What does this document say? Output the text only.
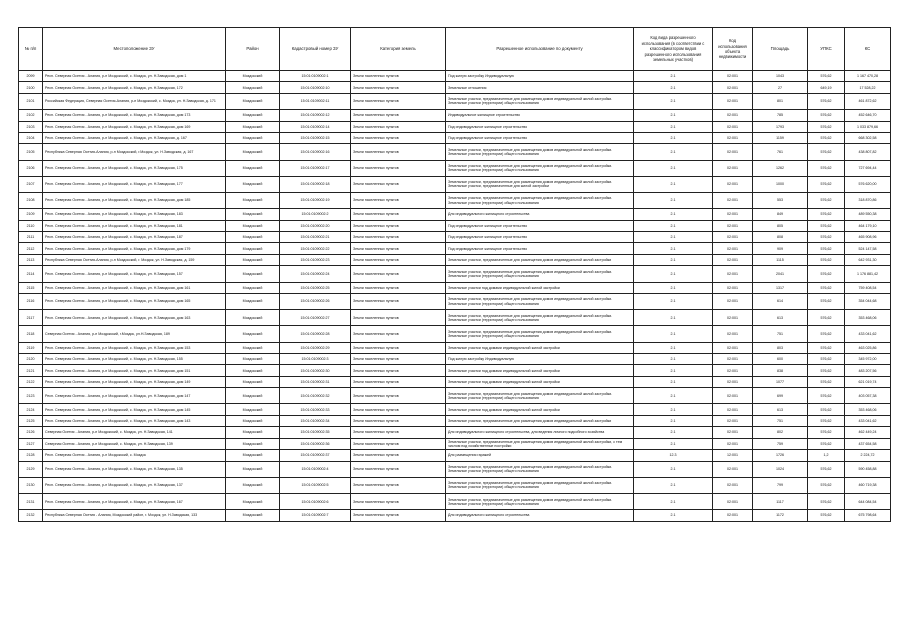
№ п/п	Местоположение ЗУ	Район	Кадастровый номер ЗУ	Категория земель	Разрешенное использование по документу	Код вида разрешенного использования (в соответствии с классификатором видов разрешенного использования земельных участков)	Код использования объекта недвижимости	Площадь	УПКС	КС
2099	Респ. Северная Осетия - Алания, р-н Моздокский, с. Моздок, ул. Н.Заводская, дом 1	Моздокский	15:01:0109002:1	Земли населенных пунктов	Под жилую застройку Индивидуальную	2.1	02:001	1043	576,62	1 167 470,28
2100	Респ. Северная Осетия - Алания, р-н Моздокский, с. Моздок, ул. Н.Заводская, 172	Моздокский	15:01:0109002:10	Земли населенных пунктов	Земельные отношения	2.1	02:001	27	649,19	17 528,22
2101	Российская Федерация, Северная Осетия-Алания, р-н Моздокский, с. Моздок, ул. Н.Заводская, д. 171	Моздокский	15:01:0109002:11	Земли населенных пунктов	Земельные участки, предназначенные для размещения домов индивидуальной жилой застройки. Земельные участки (территории) общего пользования	2.1	02:001	801	576,62	461 872,62
2102	Респ. Северная Осетия - Алания, р-н Моздокский, с. Моздок, ул. Н.Заводская, дом 173	Моздокский	15:01:0109002:12	Земли населенных пунктов	Индивидуальное жилищное строительство	2.1	02:001	785	576,62	452 646,70
2103	Респ. Северная Осетия - Алания, р-н Моздокский, с. Моздок, ул. Н.Заводская, дом 169	Моздокский	15:01:0109002:14	Земли населенных пунктов	Под индивидуальное жилищное строительство	2.1	02:001	1793	576,62	1 033 879,66
2104	Респ. Северная Осетия - Алания, р-н Моздокский, с. Моздок, ул. Н.Заводская, д. 167	Моздокский	15:01:0109002:15	Земли населенных пунктов	Под индивидуальное жилищное строительство	2.1	02:001	1159	576,62	668 302,58
2105	Республика Северная Осетия-Алания, р-н Моздокский, г.Моздок, ул. Н.Заводская, д. 167	Моздокский	15:01:0109002:16	Земли населенных пунктов	Земельные участки, предназначенные для размещения домов индивидуальной жилой застройки. Земельные участки (территории) общего пользования	2.1	02:001	761	576,62	438 807,82
2106	Респ. Северная Осетия - Алания, р-н Моздокский, с. Моздок, ул. Н.Заводская, 175	Моздокский	15:01:0109002:17	Земли населенных пунктов	Земельные участки, предназначенные для размещения домов индивидуальной жилой застройки. Земельные участки (территории) общего пользования	2.1	02:001	1262	576,62	727 694,44
2107	Респ. Северная Осетия - Алания, р-н Моздокский, с. Моздок, ул. Н.Заводская, 177	Моздокский	15:01:0109002:18	Земли населенных пунктов	Земельные участки, предназначенные для размещения домов индивидуальной жилой застройки. Земельные участки, предназначенные для жилой застройки	2.1	02:001	1000	576,62	576 620,00
2108	Респ. Северная Осетия - Алания, р-н Моздокский, с. Моздок, ул. Н.Заводская, дом 185	Моздокский	15:01:0109002:19	Земли населенных пунктов	Земельные участки, предназначенные для размещения домов индивидуальной жилой застройки. Земельные участки (территории) общего пользования	2.1	02:001	553	576,62	318 870,86
2109	Респ. Северная Осетия - Алания, р-н Моздокский, с. Моздок, ул. Н.Заводская, 183	Моздокский	15:01:0109002:2	Земли населенных пунктов	Для индивидуального жилищного строительства	2.1	02:001	849	576,62	489 550,38
2110	Респ. Северная Осетия - Алания, р-н Моздокский, с. Моздок, ул. Н.Заводская, 181	Моздокский	15:01:0109002:20	Земли населенных пунктов	Под индивидуальное жилищное строительство	2.1	02:001	805	576,62	464 179,10
2111	Респ. Северная Осетия - Алания, р-н Моздокский, с. Моздок, ул. Н.Заводская, 187	Моздокский	15:01:0109002:21	Земли населенных пунктов	Под индивидуальное жилищное строительство	2.1	02:001	808	576,62	465 908,96
2112	Респ. Северная Осетия - Алания, р-н Моздокский, с. Моздок, ул. Н.Заводская, дом 179	Моздокский	15:01:0109002:22	Земли населенных пунктов	Под индивидуальное жилищное строительство	2.1	02:001	909	576,62	524 147,58
2113	Республика Северная Осетия-Алания, р-н Моздокский, г. Моздок, ул. Н.Заводская, д. 159	Моздокский	15:01:0109002:23	Земли населенных пунктов	Земельные участки, предназначенные для размещения домов индивидуальной жилой застройки	2.1	02:001	1115	576,62	642 931,30
2114	Респ. Северная Осетия - Алания, р-н Моздокский, с. Моздок, ул. Н.Заводская, 157	Моздокский	15:01:0109002:24	Земли населенных пунктов	Земельные участки, предназначенные для размещения домов индивидуальной жилой застройки. Земельные участки (территории) общего пользования	2.1	02:001	2041	576,62	1 176 881,42
2115	Респ. Северная Осетия - Алания, р-н Моздокский, с. Моздок, ул. Н.Заводская, дом 161	Моздокский	15:01:0109002:25	Земли населенных пунктов	Земельные участки под домами индивидуальной жилой застройки	2.1	02:001	1317	576,62	759 408,54
2116	Респ. Северная Осетия - Алания, р-н Моздокский, с. Моздок, ул. Н.Заводская, дом 165	Моздокский	15:01:0109002:26	Земли населенных пунктов	Земельные участки, предназначенные для размещения домов индивидуальной жилой застройки. Земельные участки (территории) общего пользования	2.1	02:001	614	576,62	354 044,68
2117	Респ. Северная Осетия - Алания, р-н Моздокский, с. Моздок, ул. Н.Заводская, дом 163	Моздокский	15:01:0109002:27	Земли населенных пунктов	Земельные участки, предназначенные для размещения домов индивидуальной жилой застройки. Земельные участки (территории) общего пользования	2.1	02:001	613	576,62	353 468,06
2118	Северная Осетия - Алания, р-н Моздокский, г.Моздок, ул.Н.Заводская, 189	Моздокский	15:01:0109002:28	Земли населенных пунктов	Земельные участки, предназначенные для размещения домов индивидуальной жилой застройки. Земельные участки (территории) общего пользования	2.1	02:001	751	576,62	433 041,62
2119	Респ. Северная Осетия - Алания, р-н Моздокский, с. Моздок, ул. Н.Заводская, дом 153	Моздокский	15:01:0109002:29	Земли населенных пунктов	Земельные участки под домами индивидуальной жилой застройки	2.1	02:001	803	576,62	463 025,86
2120	Респ. Северная Осетия - Алания, р-н Моздокский, с. Моздок, ул. Н.Заводская, 155	Моздокский	15:01:0109002:3	Земли населенных пунктов	Под жилую застройку Индивидуальную	2.1	02:001	600	576,62	345 972,00
2121	Респ. Северная Осетия - Алания, р-н Моздокский, с. Моздок, ул. Н.Заводская, дом 151	Моздокский	15:01:0109002:30	Земли населенных пунктов	Земельные участки под домами индивидуальной жилой застройки	2.1	02:001	838	576,62	483 207,56
2122	Респ. Северная Осетия - Алания, р-н Моздокский, с. Моздок, ул. Н.Заводская, дом 149	Моздокский	15:01:0109002:31	Земли населенных пунктов	Земельные участки под домами индивидуальной жилой застройки	2.1	02:001	1077	576,62	621 019,74
2123	Респ. Северная Осетия - Алания, р-н Моздокский, с. Моздок, ул. Н.Заводская, дом 147	Моздокский	15:01:0109002:32	Земли населенных пунктов	Земельные участки, предназначенные для размещения домов индивидуальной жилой застройки. Земельные участки (территории) общего пользования	2.1	02:001	699	576,62	403 057,38
2124	Респ. Северная Осетия - Алания, р-н Моздокский, с. Моздок, ул. Н.Заводская, дом 145	Моздокский	15:01:0109002:33	Земли населенных пунктов	Земельные участки под домами индивидуальной жилой застройки	2.1	02:001	613	576,62	353 468,06
2125	Респ. Северная Осетия - Алания, р-н Моздокский, с. Моздок, ул. Н.Заводская, дом 143	Моздокский	15:01:0109002:34	Земли населенных пунктов	Земельные участки, предназначенные для размещения домов индивидуальной жилой застройки	2.1	02:001	751	576,62	433 041,62
2126	Северная Осетия - Алания, р-н Моздокский, с. Моздок, ул. Н.Заводская, 141	Моздокский	15:01:0109002:35	Земли населенных пунктов	Для индивидуального жилищного строительства, для ведения личного подсобного хозяйства	2.1	02:001	802	576,62	462 449,24
2127	Северная Осетия - Алания, р-н Моздокский, с. Моздок, ул. Н.Заводская, 139	Моздокский	15:01:0109002:36	Земли населенных пунктов	Земельные участки, предназначенные для размещения домов индивидуальной жилой застройки, с тем числом под хозяйственные постройки	2.1	02:001	759	576,62	437 654,58
2128	Респ. Северная Осетия - Алания, р-н Моздокский, с. Моздок	Моздокский	15:01:0109002:37	Земли населенных пунктов	Для размещения гаражей	12.3	12:001	1726	1,2	2 224,72
2129	Респ. Северная Осетия - Алания, р-н Моздокский, с. Моздок, ул. Н.Заводская, 135	Моздокский	15:01:0109002:4	Земли населенных пунктов	Земельные участки, предназначенные для размещения домов индивидуальной жилой застройки. Земельные участки (территории) общего пользования	2.1	02:001	1024	576,62	590 458,88
2130	Респ. Северная Осетия - Алания, р-н Моздокский, с. Моздок, ул. Н.Заводская, 137	Моздокский	15:01:0109002:5	Земли населенных пунктов	Земельные участки, предназначенные для размещения домов индивидуальной жилой застройки. Земельные участки (территории) общего пользования	2.1	02:001	799	576,62	460 719,38
2131	Респ. Северная Осетия - Алания, р-н Моздокский, с. Моздок, ул. Н.Заводская, 167	Моздокский	15:01:0109002:6	Земли населенных пунктов	Земельные участки, предназначенные для размещения домов индивидуальной жилой застройки. Земельные участки (территории) общего пользования	2.1	02:001	1117	576,62	644 084,54
2132	Республика Северная Осетия - Алания, Моздокский район, г. Моздок, ул. Н.Заводская, 133	Моздокский	15:01:0109002:7	Земли населенных пунктов	Для индивидуального жилищного строительства	2.1	02:001	1172	576,62	675 798,64
